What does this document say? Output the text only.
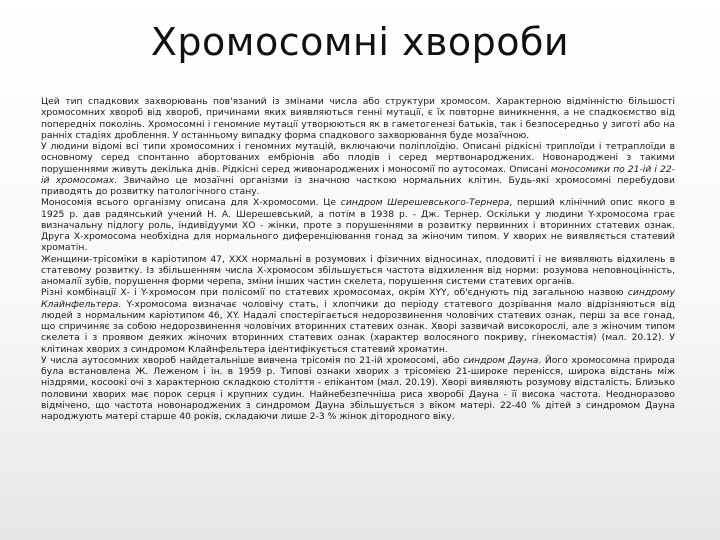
Хромосомні хвороби

Цей тип спадкових захворювань пов'язаний із змінами числа або структури хромосом. Характерною відмінністю більшості хромосомних хвороб від хвороб, причинами яких виявляються генні мутації, є їх повторне виникнення, а не спадкоємство від попередніх поколінь. Хромосомні і геномние мутації утворюються як в гаметогенезі батьків, так і безпосередньо у зиготі або на ранніх стадіях дроблення. У останньому випадку форма спадкового захворювання буде мозаїчною.

У людини відомі всі типи хромосомних і геномних мутацій, включаючи поліплоїдію. Описані рідкісні триплоїди і тетраплоїди в основному серед спонтанно абортованих ембріонів або плодів і серед мертвонароджених. Новонароджені з такими порушеннями живуть декілька днів. Рідкісні серед живонароджених і моносомії по аутосомах. Описані моносомики по 21-ій і 22-ій хромосомах. Звичайно це мозаїчні організми із значною часткою нормальних клітин. Будь-які хромосомні перебудови приводять до розвитку патологічного стану.

Моносомія всього організму описана для Х-хромосоми. Це синдром Шерешевського-Тернера, перший клінічний опис якого в 1925 р. дав радянський учений Н. А. Шерешевський, а потім в 1938 р. - Дж. Тернер. Оскільки у людини Y-хромосома грає визначальну підлогу роль, індивідууми ХО - жінки, проте з порушеннями в розвитку первинних і вторинних статевих ознак. Друга Х-хромосома необхідна для нормального диференціювання гонад за жіночим типом. У хворих не виявляється статевий хроматін.

Женщини-трісоміки в каріотипом 47, ХХХ нормальні в розумових і фізичних відносинах, плодовиті і не виявляють відхилень в статевому розвитку. Із збільшенням числа Х-хромосом збільшується частота відхилення від норми: розумова неповноцінність, аномалії зубів, порушення форми черепа, зміни інших частин скелета, порушення системи статевих органів.

Різні комбінації Х- і Y-хромосом при полісомії по статевих хромосомах, окрім XYY, об'єднують під загальною назвою синдрому Клайнфельтера. Y-хромосома визначає чоловічу стать, і хлопчики до періоду статевого дозрівання мало відрізняються від людей з нормальним каріотипом 46, XY. Надалі спостерігається недорозвинення чоловічих статевих ознак, перш за все гонад, що спричиняє за собою недорозвинення чоловічих вторинних статевих ознак. Хворі зазвичай високорослі, але з жіночим типом скелета і з проявом деяких жіночих вторинних статевих ознак (характер волосяного покриву, гінекомастія) (мал. 20.12). У клітинах хворих з синдромом Клайнфельтера ідентифікується статевий хроматин.

У числа аутосомних хвороб найдетальніше вивчена трісомія по 21-ій хромосомі, або синдром Дауна. Його хромосомна природа була встановлена Ж. Леженом і ін. в 1959 р. Типові ознаки хворих з трісомією 21-широке перенісся, широка відстань між ніздрями, косоокі очі з характерною складкою століття - епікантом (мал. 20.19). Хворі виявляють розумову відсталість. Близько половини хворих має порок серця і крупних судин. Найнебезпечніша риса хворобі Дауна - її висока частота. Неодноразово відмічено, що частота новонароджених з синдромом Дауна збільшується з віком матері. 22-40 % дітей з синдромом Дауна народжують матері старше 40 років, складаючи лише 2-3 % жінок дітородного віку.
